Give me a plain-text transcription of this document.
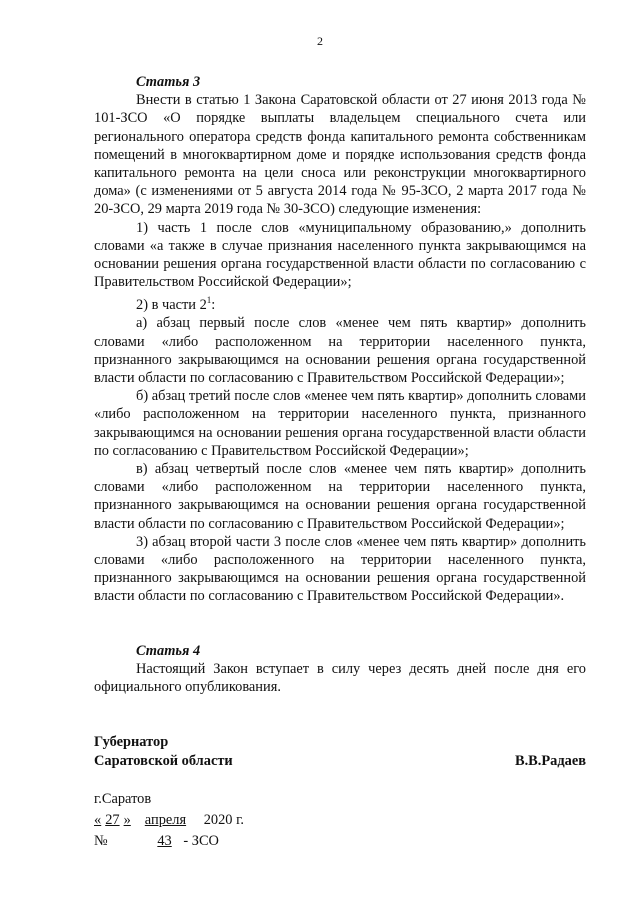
2

Статья 3

Внести в статью 1 Закона Саратовской области от 27 июня 2013 года № 101-ЗСО «О порядке выплаты владельцем специального счета или регионального оператора средств фонда капитального ремонта собственникам помещений в многоквартирном доме и порядке использования средств фонда капитального ремонта на цели сноса или реконструкции многоквартирного дома» (с изменениями от 5 августа 2014 года № 95-ЗСО, 2 марта 2017 года № 20-ЗСО, 29 марта 2019 года № 30-ЗСО) следующие изменения:

1) часть 1 после слов «муниципальному образованию,» дополнить словами «а также в случае признания населенного пункта закрывающимся на основании решения органа государственной власти области по согласованию с Правительством Российской Федерации»;

2) в части $2^1$:

а) абзац первый после слов «менее чем пять квартир» дополнить словами «либо расположенном на территории населенного пункта, признанного закрывающимся на основании решения органа государственной власти области по согласованию с Правительством Российской Федерации»;

б) абзац третий после слов «менее чем пять квартир» дополнить словами «либо расположенном на территории населенного пункта, признанного закрывающимся на основании решения органа государственной власти области по согласованию с Правительством Российской Федерации»;

в) абзац четвертый после слов «менее чем пять квартир» дополнить словами «либо расположенном на территории населенного пункта, признанного закрывающимся на основании решения органа государственной власти области по согласованию с Правительством Российской Федерации»;

3) абзац второй части 3 после слов «менее чем пять квартир» дополнить словами «либо расположенного на территории населенного пункта, признанного закрывающимся на основании решения органа государственной власти области по согласованию с Правительством Российской Федерации».

Статья 4

Настоящий Закон вступает в силу через десять дней после дня его официального опубликования.

Губернатор
Саратовской области	В.В.Радаев
г.Саратов
« 27 » апреля 2020 г.
№	43 - ЗСО
